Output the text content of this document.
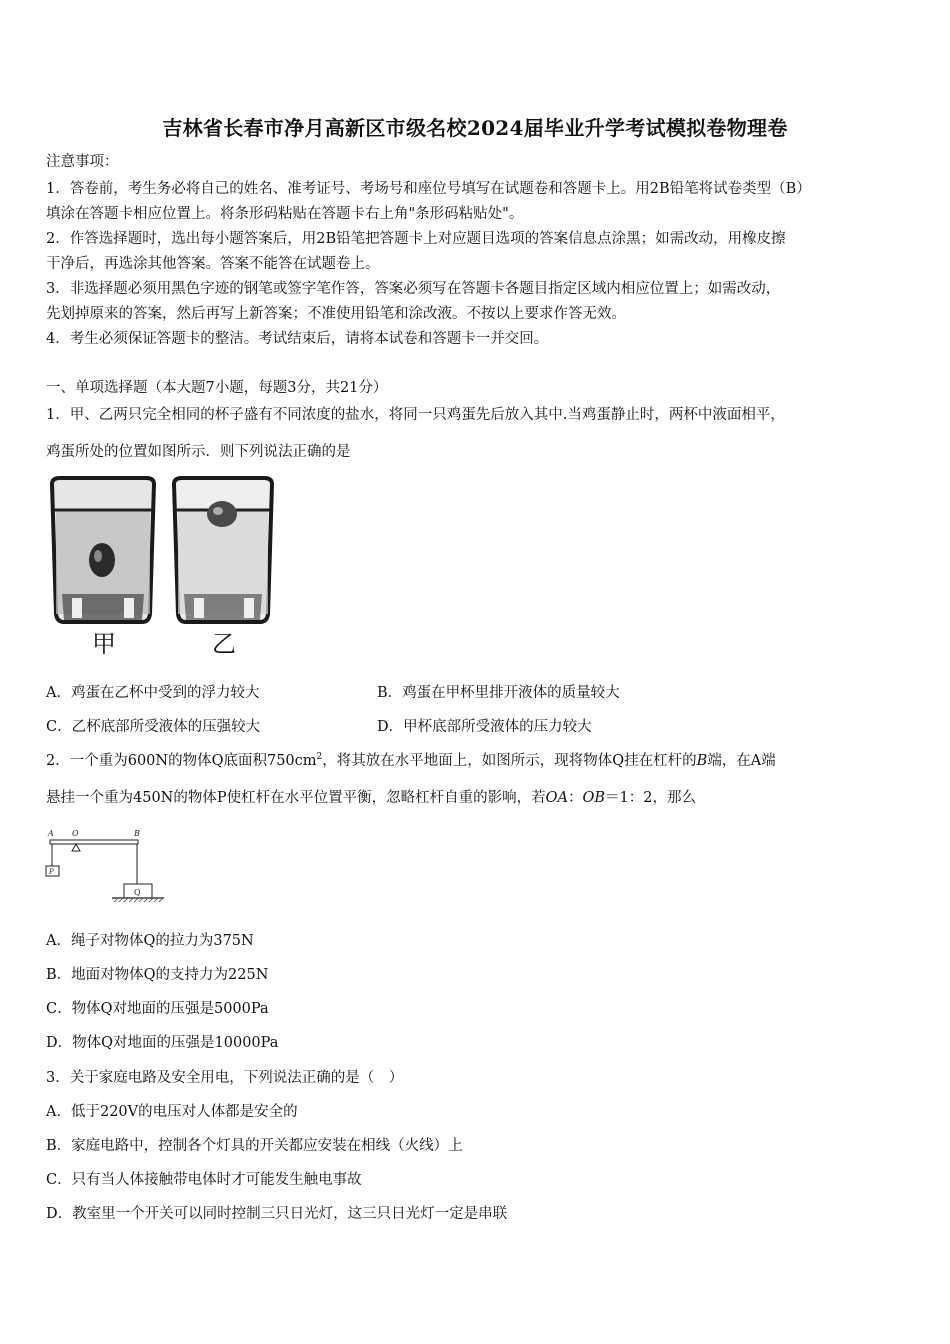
吉林省长春市净月高新区市级名校2024届毕业升学考试模拟卷物理卷
注意事项：
1．答卷前，考生务必将自己的姓名、准考证号、考场号和座位号填写在试题卷和答题卡上。用2B铅笔将试卷类型（B）
填涂在答题卡相应位置上。将条形码粘贴在答题卡右上角"条形码粘贴处"。
2．作答选择题时，选出每小题答案后，用2B铅笔把答题卡上对应题目选项的答案信息点涂黑；如需改动，用橡皮擦
干净后，再选涂其他答案。答案不能答在试题卷上。
3．非选择题必须用黑色字迹的钢笔或签字笔作答，答案必须写在答题卡各题目指定区域内相应位置上；如需改动，
先划掉原来的答案，然后再写上新答案；不准使用铅笔和涂改液。不按以上要求作答无效。
4．考生必须保证答题卡的整洁。考试结束后，请将本试卷和答题卡一并交回。
一、单项选择题（本大题7小题，每题3分，共21分）
1．甲、乙两只完全相同的杯子盛有不同浓度的盐水，将同一只鸡蛋先后放入其中.当鸡蛋静止时，两杯中液面相平，
鸡蛋所处的位置如图所示．则下列说法正确的是
甲	乙
A．鸡蛋在乙杯中受到的浮力较大	B．鸡蛋在甲杯里排开液体的质量较大
C．乙杯底部所受液体的压强较大	D．甲杯底部所受液体的压力较大
2．一个重为600N的物体Q底面积$750cm^2$，将其放在水平地面上，如图所示，现将物体Q挂在杠杆的B端，在A端
悬挂一个重为450N的物体P使杠杆在水平位置平衡，忽略杠杆自重的影响，若OA：OB＝1：2，那么
A O	B
P
Q
A．绳子对物体Q的拉力为375N
B．地面对物体Q的支持力为225N
C．物体Q对地面的压强是5000Pa
D．物体Q对地面的压强是10000Pa
3．关于家庭电路及安全用电，下列说法正确的是（　）
A．低于220V的电压对人体都是安全的
B．家庭电路中，控制各个灯具的开关都应安装在相线（火线）上
C．只有当人体接触带电体时才可能发生触电事故
D．教室里一个开关可以同时控制三只日光灯，这三只日光灯一定是串联
